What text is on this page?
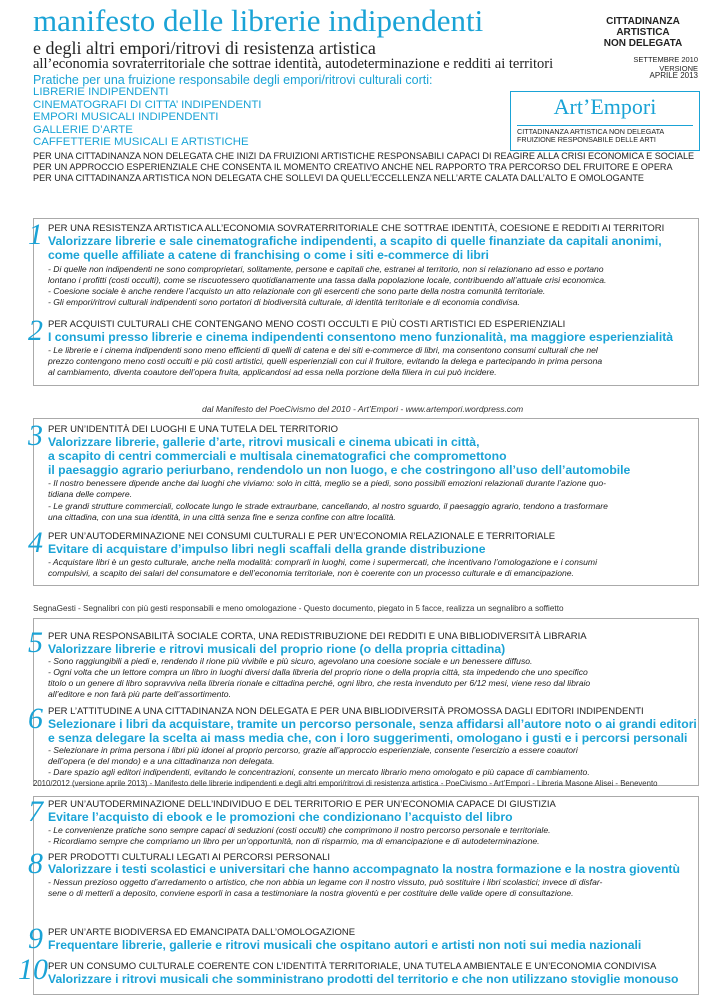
manifesto delle librerie indipendenti
e degli altri empori/ritrovi di resistenza artistica
all’economia sovraterritoriale che sottrae identità, autodeterminazione e redditi ai territori
Pratiche per una fruizione responsabile degli empori/ritrovi culturali corti:
LIBRERIE INDIPENDENTI
CINEMATOGRAFI DI CITTA’ INDIPENDENTI
EMPORI MUSICALI INDIPENDENTI
GALLERIE D’ARTE
CAFFETTERIE MUSICALI E ARTISTICHE
PER UNA CITTADINANZA NON DELEGATA CHE INIZI DA FRUIZIONI ARTISTICHE RESPONSABILI CAPACI DI REAGIRE ALLA CRISI ECONOMICA E SOCIALE
PER UN APPROCCIO ESPERIENZIALE CHE CONSENTA IL MOMENTO CREATIVO ANCHE NEL RAPPORTO TRA PERCORSO DEL FRUITORE E OPERA
PER UNA CITTADINANZA ARTISTICA NON DELEGATA CHE SOLLEVI DA QUELL’ECCELLENZA NELL’ARTE CALATA DALL’ALTO E OMOLOGANTE
CITTADINANZA
ARTISTICA
NON DELEGATA
SETTEMBRE 2010
VERSIONE
APRILE 2013
Art’Empori
CITTADINANZA ARTISTICA NON DELEGATA
FRUIZIONE RESPONSABILE DELLE ARTI
dal Manifesto del PoeCivismo del 2010 - Art’Empori - www.artempori.wordpress.com
SegnaGesti - Segnalibri con più gesti responsabili e meno omologazione - Questo documento, piegato in 5 facce, realizza un segnalibro a soffietto
2010/2012 (versione aprile 2013) - Manifesto delle librerie indipendenti e degli altri empori/ritrovi di resistenza artistica - PoeCivismo - Art’Empori - Libreria Masone Alisei - Benevento
1 PER UNA RESISTENZA ARTISTICA ALL’ECONOMIA SOVRATERRITORIALE CHE SOTTRAE IDENTITÀ, COESIONE E REDDITI AI TERRITORI
Valorizzare librerie e sale cinematografiche indipendenti, a scapito di quelle finanziate da capitali anonimi,
come quelle affiliate a catene di franchising o come i siti e-commerce di libri
- Di quelle non indipendenti ne sono comproprietari, solitamente, persone e capitali che, estranei al territorio, non si relazionano ad esso e portano
lontano i profitti (costi occulti), come se riscuotessero quotidianamente una tassa dalla popolazione locale, contribuendo all’attuale crisi economica.
- Coesione sociale è anche rendere l’acquisto un atto relazionale con gli esercenti che sono parte della nostra comunità territoriale.
- Gli empori/ritrovi culturali indipendenti sono portatori di biodiversità culturale, di identità territoriale e di economia condivisa.
2 PER ACQUISTI CULTURALI CHE CONTENGANO MENO COSTI OCCULTI E PIÙ COSTI ARTISTICI ED ESPERIENZIALI
I consumi presso librerie e cinema indipendenti consentono meno funzionalità, ma maggiore esperienzialità
- Le librerie e i cinema indipendenti sono meno efficienti di quelli di catena e dei siti e-commerce di libri, ma consentono consumi culturali che nel
prezzo contengono meno costi occulti e più costi artistici, quelli esperienziali con cui il fruitore, evitando la delega e partecipando in prima persona
al cambiamento, diventa coautore dell’opera fruita, applicandosi ad essa nella porzione della filiera in cui può incidere.
3 PER UN’IDENTITÀ DEI LUOGHI E UNA TUTELA DEL TERRITORIO
Valorizzare librerie, gallerie d’arte, ritrovi musicali e cinema ubicati in città,
a scapito di centri commerciali e multisala cinematografici che compromettono
il paesaggio agrario periurbano, rendendolo un non luogo, e che costringono all’uso dell’automobile
- Il nostro benessere dipende anche dai luoghi che viviamo: solo in città, meglio se a piedi, sono possibili emozioni relazionali durante l’azione quo-
tidiana delle compere.
- Le grandi strutture commerciali, collocate lungo le strade extraurbane, cancellando, al nostro sguardo, il paesaggio agrario, tendono a trasformare
una cittadina, con una sua identità, in una città senza fine e senza confine con altre località.
4 PER UN’AUTODERMINAZIONE NEI CONSUMI CULTURALI E PER UN’ECONOMIA RELAZIONALE E TERRITORIALE
Evitare di acquistare d’impulso libri negli scaffali della grande distribuzione
- Acquistare libri è un gesto culturale, anche nella modalità: comprarli in luoghi, come i supermercati, che incentivano l’omologazione e i consumi
compulsivi, a scapito dei salari del consumatore e dell’economia territoriale, non è coerente con un processo culturale e di emancipazione.
5 PER UNA RESPONSABILITÀ SOCIALE CORTA, UNA REDISTRIBUZIONE DEI REDDITI E UNA BIBLIODIVERSITÀ LIBRARIA
Valorizzare librerie e ritrovi musicali del proprio rione (o della propria cittadina)
- Sono raggiungibili a piedi e, rendendo il rione più vivibile e più sicuro, agevolano una coesione sociale e un benessere diffuso.
- Ogni volta che un lettore compra un libro in luoghi diversi dalla libreria del proprio rione o della propria città, sta impedendo che uno specifico
titolo o un genere di libro sopravviva nella libreria rionale e cittadina perché, ogni libro, che resta invenduto per 6/12 mesi, viene reso dal libraio
all’editore e non farà più parte dell’assortimento.
6 PER L’ATTITUDINE A UNA CITTADINANZA NON DELEGATA E PER UNA BIBLIODIVERSITÀ PROMOSSA DAGLI EDITORI INDIPENDENTI
Selezionare i libri da acquistare, tramite un percorso personale, senza affidarsi all’autore noto o ai grandi editori
e senza delegare la scelta ai mass media che, con i loro suggerimenti, omologano i gusti e i percorsi personali
- Selezionare in prima persona i libri più idonei al proprio percorso, grazie all’approccio esperienziale, consente l’esercizio a essere coautori
dell’opera (e del mondo) e a una cittadinanza non delegata.
- Dare spazio agli editori indipendenti, evitando le concentrazioni, consente un mercato librario meno omologato e più capace di cambiamento.
7 PER UN’AUTODERMINAZIONE DELL’INDIVIDUO E DEL TERRITORIO E PER UN’ECONOMIA CAPACE DI GIUSTIZIA
Evitare l’acquisto di ebook e le promozioni che condizionano l’acquisto del libro
- Le convenienze pratiche sono sempre capaci di seduzioni (costi occulti) che comprimono il nostro percorso personale e territoriale.
- Ricordiamo sempre che compriamo un libro per un’opportunità, non di risparmio, ma di emancipazione e di autodeterminazione.
8 PER PRODOTTI CULTURALI LEGATI AI PERCORSI PERSONALI
Valorizzare i testi scolastici e universitari che hanno accompagnato la nostra formazione e la nostra gioventù
- Nessun prezioso oggetto d’arredamento o artistico, che non abbia un legame con il nostro vissuto, può sostituire i libri scolastici; invece di disfar-
sene o di metterli a deposito, conviene esporli in casa a testimoniare la nostra gioventù e per costituire delle valide opere di consultazione.
9 PER UN’ARTE BIODIVERSA ED EMANCIPATA DALL’OMOLOGAZIONE
Frequentare librerie, gallerie e ritrovi musicali che ospitano autori e artisti non noti sui media nazionali
10 PER UN CONSUMO CULTURALE COERENTE CON L’IDENTITÀ TERRITORIALE, UNA TUTELA AMBIENTALE E UN’ECONOMIA CONDIVISA
Valorizzare i ritrovi musicali che somministrano prodotti del territorio e che non utilizzano stoviglie monouso
